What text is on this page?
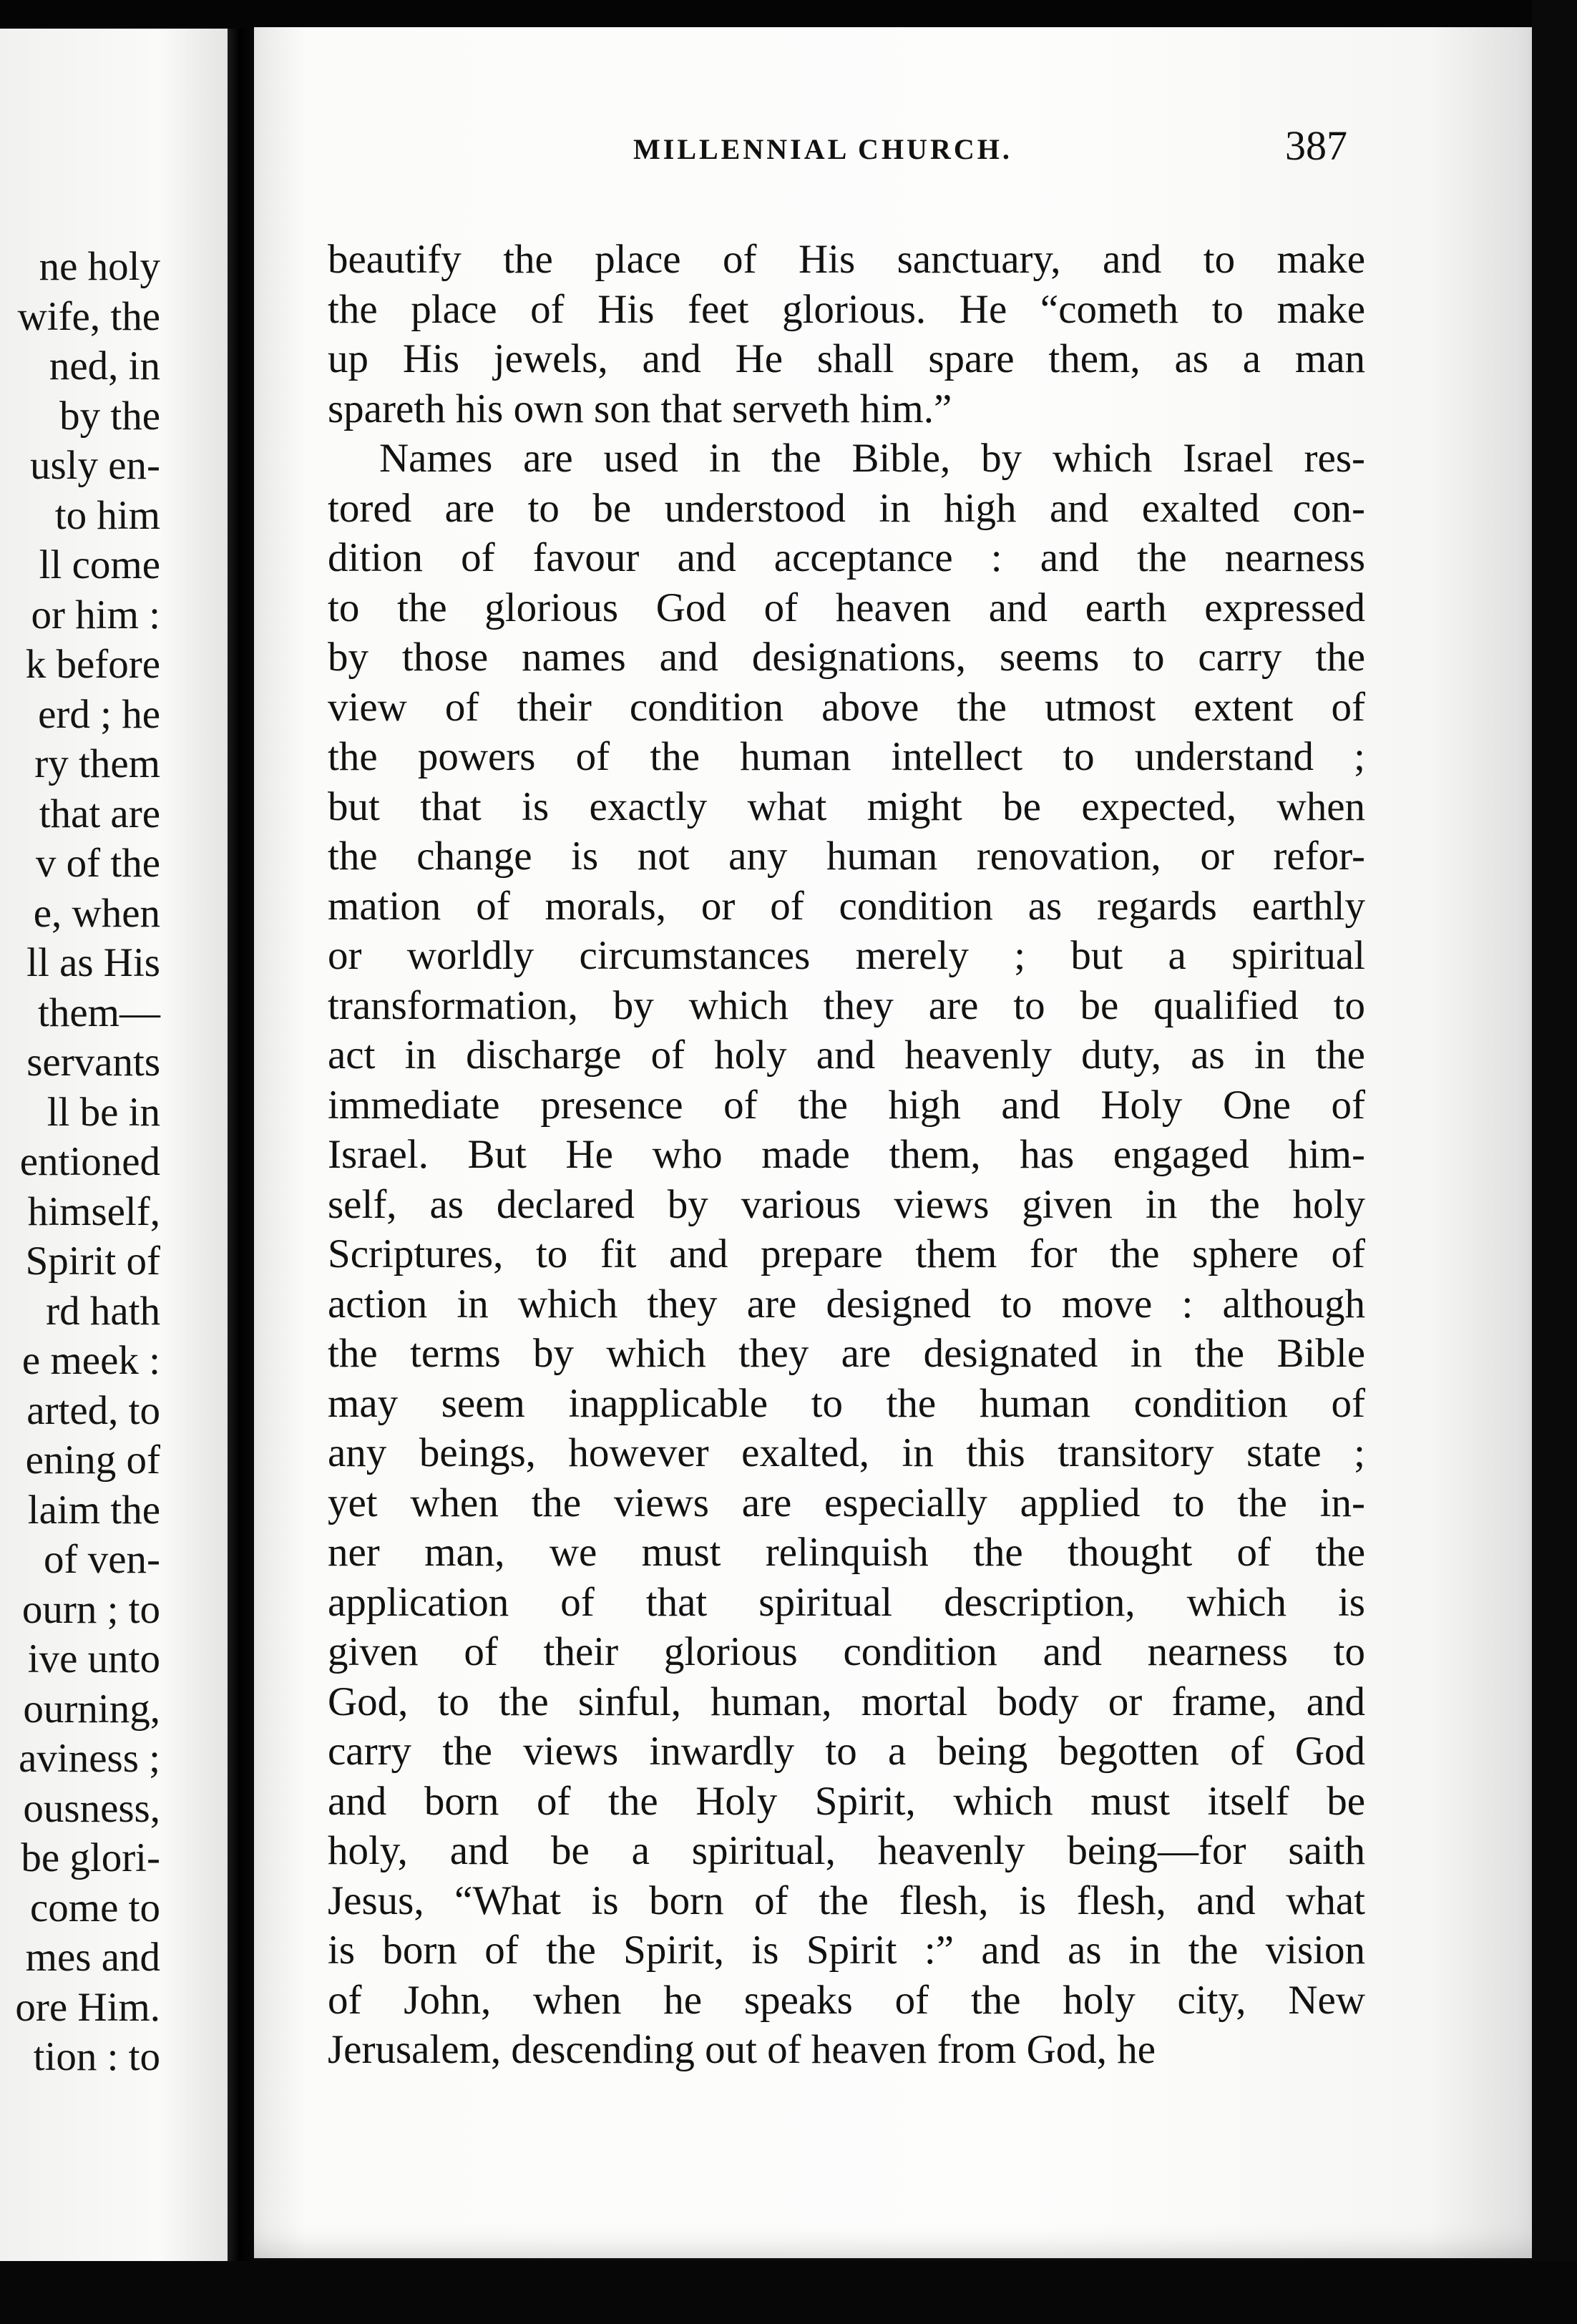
ne holy
wife, the
ned, in
by the
usly en-
to him
ll come
or him :
k before
erd ; he
ry them
that are
v of the
e, when
ll as His
them—
servants
ll be in
entioned
himself,
Spirit of
rd hath
e meek :
arted, to
ening of
laim the
of ven-
ourn ; to
ive unto
ourning,
aviness ;
ousness,
be glori-
come to
mes and
ore Him.
tion : to
MILLENNIAL CHURCH.	387
beautify the place of His sanctuary, and to make
the place of His feet glorious. He “cometh to make
up His jewels, and He shall spare them, as a man
spareth his own son that serveth him.”
Names are used in the Bible, by which Israel res-
tored are to be understood in high and exalted con-
dition of favour and acceptance : and the nearness
to the glorious God of heaven and earth expressed
by those names and designations, seems to carry the
view of their condition above the utmost extent of
the powers of the human intellect to understand ;
but that is exactly what might be expected, when
the change is not any human renovation, or refor-
mation of morals, or of condition as regards earthly
or worldly circumstances merely ; but a spiritual
transformation, by which they are to be qualified to
act in discharge of holy and heavenly duty, as in the
immediate presence of the high and Holy One of
Israel. But He who made them, has engaged him-
self, as declared by various views given in the holy
Scriptures, to fit and prepare them for the sphere of
action in which they are designed to move : although
the terms by which they are designated in the Bible
may seem inapplicable to the human condition of
any beings, however exalted, in this transitory state ;
yet when the views are especially applied to the in-
ner man, we must relinquish the thought of the
application of that spiritual description, which is
given of their glorious condition and nearness to
God, to the sinful, human, mortal body or frame, and
carry the views inwardly to a being begotten of God
and born of the Holy Spirit, which must itself be
holy, and be a spiritual, heavenly being—for saith
Jesus, “What is born of the flesh, is flesh, and what
is born of the Spirit, is Spirit :” and as in the vision
of John, when he speaks of the holy city, New
Jerusalem, descending out of heaven from God, he
